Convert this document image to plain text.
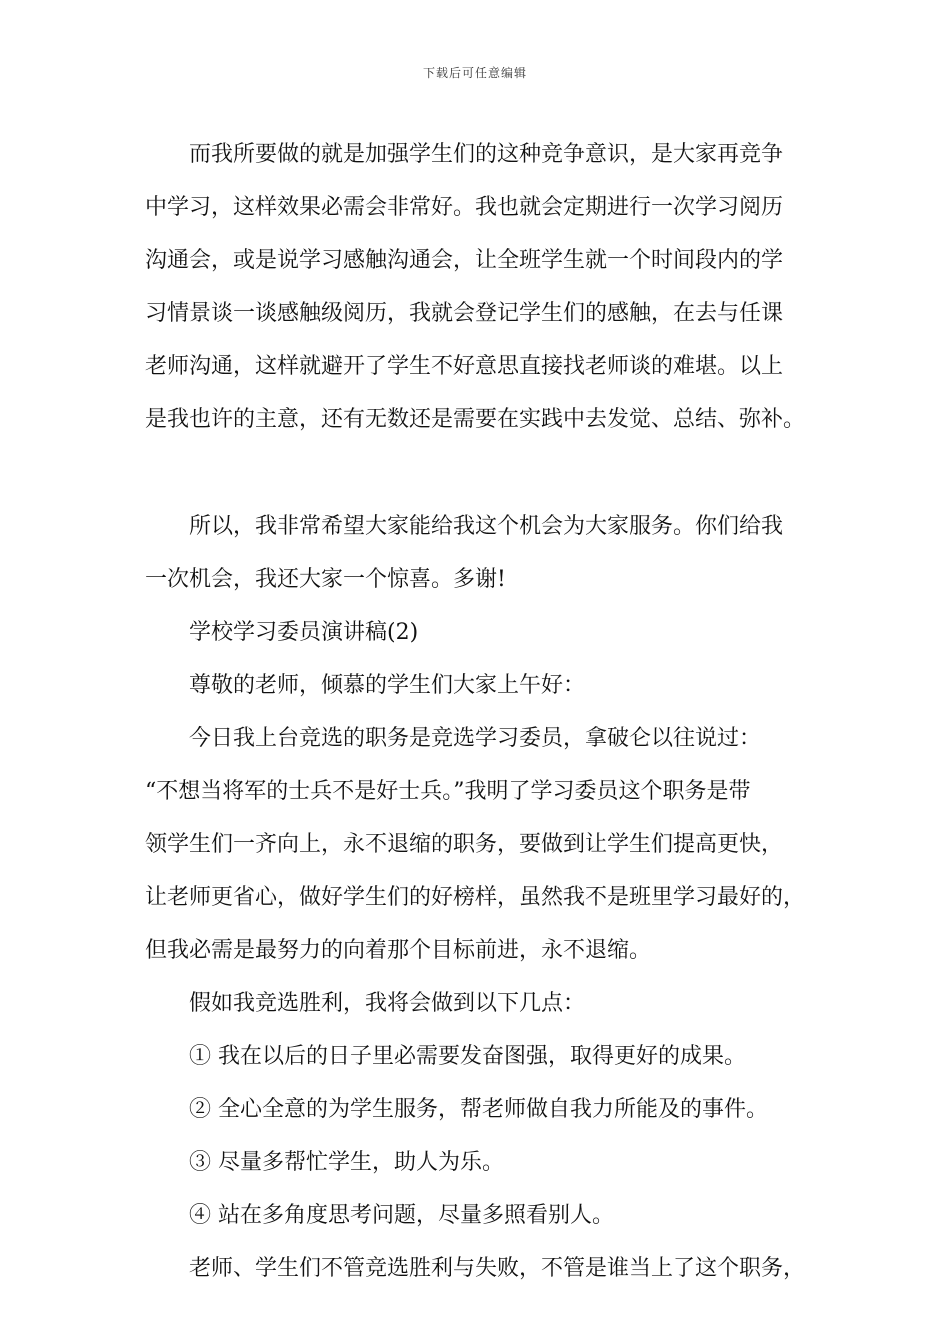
下载后可任意编辑
而我所要做的就是加强学生们的这种竞争意识，是大家再竞争
中学习，这样效果必需会非常好。我也就会定期进行一次学习阅历
沟通会，或是说学习感触沟通会，让全班学生就一个时间段内的学
习情景谈一谈感触级阅历，我就会登记学生们的感触，在去与任课
老师沟通，这样就避开了学生不好意思直接找老师谈的难堪。以上
是我也许的主意，还有无数还是需要在实践中去发觉、总结、弥补。
所以，我非常希望大家能给我这个机会为大家服务。你们给我
一次机会，我还大家一个惊喜。多谢!
学校学习委员演讲稿(2)
尊敬的老师，倾慕的学生们大家上午好：
今日我上台竞选的职务是竞选学习委员，拿破仑以往说过：
“不想当将军的士兵不是好士兵。”我明了学习委员这个职务是带
领学生们一齐向上，永不退缩的职务，要做到让学生们提高更快，
让老师更省心，做好学生们的好榜样，虽然我不是班里学习最好的，
但我必需是最努力的向着那个目标前进，永不退缩。
假如我竞选胜利，我将会做到以下几点：
① 我在以后的日子里必需要发奋图强，取得更好的成果。
② 全心全意的为学生服务，帮老师做自我力所能及的事件。
③ 尽量多帮忙学生，助人为乐。
④ 站在多角度思考问题，尽量多照看别人。
老师、学生们不管竞选胜利与失败，不管是谁当上了这个职务，
